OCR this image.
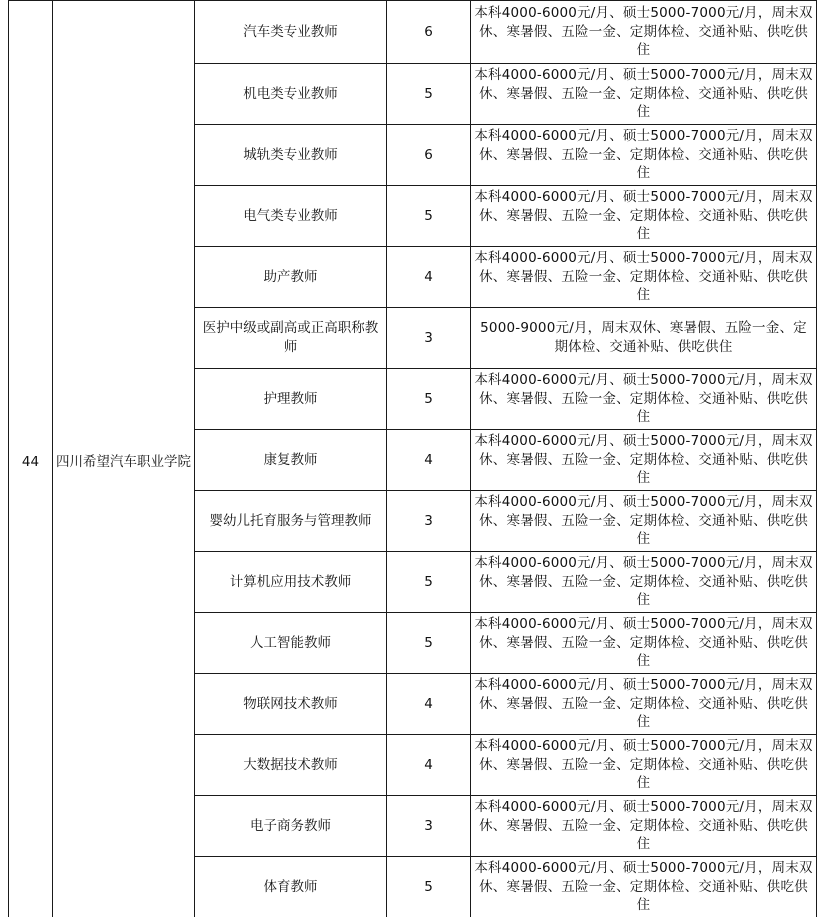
44	四川希望汽车职业学院	汽车类专业教师	6	本科4000-6000元/月、硕士5000-7000元/月，周末双休、寒暑假、五险一金、定期体检、交通补贴、供吃供住
		机电类专业教师	5	本科4000-6000元/月、硕士5000-7000元/月，周末双休、寒暑假、五险一金、定期体检、交通补贴、供吃供住
		城轨类专业教师	6	本科4000-6000元/月、硕士5000-7000元/月，周末双休、寒暑假、五险一金、定期体检、交通补贴、供吃供住
		电气类专业教师	5	本科4000-6000元/月、硕士5000-7000元/月，周末双休、寒暑假、五险一金、定期体检、交通补贴、供吃供住
		助产教师	4	本科4000-6000元/月、硕士5000-7000元/月，周末双休、寒暑假、五险一金、定期体检、交通补贴、供吃供住
		医护中级或副高或正高职称教师	3	5000-9000元/月，周末双休、寒暑假、五险一金、定期体检、交通补贴、供吃供住
		护理教师	5	本科4000-6000元/月、硕士5000-7000元/月，周末双休、寒暑假、五险一金、定期体检、交通补贴、供吃供住
		康复教师	4	本科4000-6000元/月、硕士5000-7000元/月，周末双休、寒暑假、五险一金、定期体检、交通补贴、供吃供住
		婴幼儿托育服务与管理教师	3	本科4000-6000元/月、硕士5000-7000元/月，周末双休、寒暑假、五险一金、定期体检、交通补贴、供吃供住
		计算机应用技术教师	5	本科4000-6000元/月、硕士5000-7000元/月，周末双休、寒暑假、五险一金、定期体检、交通补贴、供吃供住
		人工智能教师	5	本科4000-6000元/月、硕士5000-7000元/月，周末双休、寒暑假、五险一金、定期体检、交通补贴、供吃供住
		物联网技术教师	4	本科4000-6000元/月、硕士5000-7000元/月，周末双休、寒暑假、五险一金、定期体检、交通补贴、供吃供住
		大数据技术教师	4	本科4000-6000元/月、硕士5000-7000元/月，周末双休、寒暑假、五险一金、定期体检、交通补贴、供吃供住
		电子商务教师	3	本科4000-6000元/月、硕士5000-7000元/月，周末双休、寒暑假、五险一金、定期体检、交通补贴、供吃供住
		体育教师	5	本科4000-6000元/月、硕士5000-7000元/月，周末双休、寒暑假、五险一金、定期体检、交通补贴、供吃供住
